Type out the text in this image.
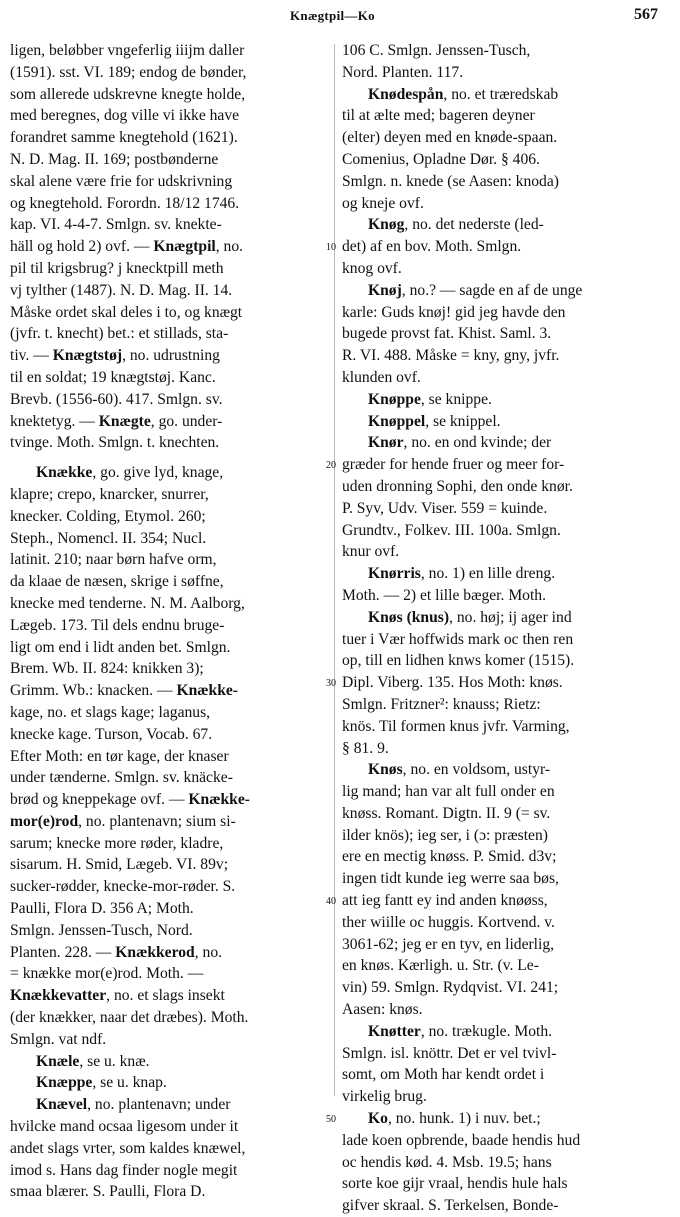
Knægtpil—Ko	567
ligen, beløbber vngeferlig iiijm daller
(1591). sst. VI. 189; endog de bønder,
som allerede udskrevne knegte holde,
med beregnes, dog ville vi ikke have
forandret samme knegtehold (1621).
N. D. Mag. II. 169; postbønderne
skal alene være frie for udskrivning
og knegtehold. Forordn. 18/12 1746.
kap. VI. 4-4-7. Smlgn. sv. knekte-
häll og hold 2) ovf. — Knægtpil, no.
pil til krigsbrug? j knecktpill meth
vj tylther (1487). N. D. Mag. II. 14.
Måske ordet skal deles i to, og knægt
(jvfr. t. knecht) bet.: et stillads, sta-
tiv. — Knægtstøj, no. udrustning
til en soldat; 19 knægtstøj. Kanc.
Brevb. (1556-60). 417. Smlgn. sv.
knektetyg. — Knægte, go. under-
tvinge. Moth. Smlgn. t. knechten.
Knække, go. give lyd, knage,
klapre; crepo, knarcker, snurrer,
knecker. Colding, Etymol. 260;
Steph., Nomencl. II. 354; Nucl.
latinit. 210; naar børn hafve orm,
da klaae de næsen, skrige i søffne,
knecke med tenderne. N. M. Aalborg,
Lægeb. 173. Til dels endnu bruge-
ligt om end i lidt anden bet. Smlgn.
Brem. Wb. II. 824: knikken 3);
Grimm. Wb.: knacken. — Knække-
kage, no. et slags kage; laganus,
knecke kage. Turson, Vocab. 67.
Efter Moth: en tør kage, der knaser
under tænderne. Smlgn. sv. knäcke-
brød og kneppekage ovf. — Knække-
mor(e)rod, no. plantenavn; sium si-
sarum; knecke more røder, kladre,
sisarum. H. Smid, Lægeb. VI. 89v;
sucker-rødder, knecke-mor-røder. S.
Paulli, Flora D. 356 A; Moth.
Smlgn. Jenssen-Tusch, Nord.
Planten. 228. — Knækkerod, no.
= knække mor(e)rod. Moth. —
Knækkevatter, no. et slags insekt
(der knækker, naar det dræbes). Moth.
Smlgn. vat ndf.
Knæle, se u. knæ.
Knæppe, se u. knap.
Knævel, no. plantenavn; under
hvilcke mand ocsaa ligesom under it
andet slags vrter, som kaldes knæwel,
imod s. Hans dag finder nogle megit
smaa blærer. S. Paulli, Flora D.
10
20
30
40
50
106 C. Smlgn. Jenssen-Tusch,
Nord. Planten. 117.
Knødespån, no. et træredskab
til at ælte med; bageren deyner
(elter) deyen med en knøde-spaan.
Comenius, Opladne Dør. § 406.
Smlgn. n. knede (se Aasen: knoda)
og kneje ovf.
Knøg, no. det nederste (led-
det) af en bov. Moth. Smlgn.
knog ovf.
Knøj, no.? — sagde en af de unge
karle: Guds knøj! gid jeg havde den
bugede provst fat. Khist. Saml. 3.
R. VI. 488. Måske = kny, gny, jvfr.
klunden ovf.
Knøppe, se knippe.
Knøppel, se knippel.
Knør, no. en ond kvinde; der
græder for hende fruer og meer for-
uden dronning Sophi, den onde knør.
P. Syv, Udv. Viser. 559 = kuinde.
Grundtv., Folkev. III. 100a. Smlgn.
knur ovf.
Knørris, no. 1) en lille dreng.
Moth. — 2) et lille bæger. Moth.
Knøs (knus), no. høj; ij ager ind
tuer i Vær hoffwids mark oc then ren
op, till en lidhen knws komer (1515).
Dipl. Viberg. 135. Hos Moth: knøs.
Smlgn. Fritzner²: knauss; Rietz:
knös. Til formen knus jvfr. Varming,
§ 81. 9.
Knøs, no. en voldsom, ustyr-
lig mand; han var alt full onder en
knøss. Romant. Digtn. II. 9 (= sv.
ilder knös); ieg ser, i (ɔ: præsten)
ere en mectig knøss. P. Smid. d3v;
ingen tidt kunde ieg werre saa bøs,
att ieg fantt ey ind anden knøøss,
ther wiille oc huggis. Kortvend. v.
3061-62; jeg er en tyv, en liderlig,
en knøs. Kærligh. u. Str. (v. Le-
vin) 59. Smlgn. Rydqvist. VI. 241;
Aasen: knøs.
Knøtter, no. trækugle. Moth.
Smlgn. isl. knöttr. Det er vel tvivl-
somt, om Moth har kendt ordet i
virkelig brug.
Ko, no. hunk. 1) i nuv. bet.;
lade koen opbrende, baade hendis hud
oc hendis kød. 4. Msb. 19.5; hans
sorte koe gijr vraal, hendis hule hals
gifver skraal. S. Terkelsen, Bonde-
